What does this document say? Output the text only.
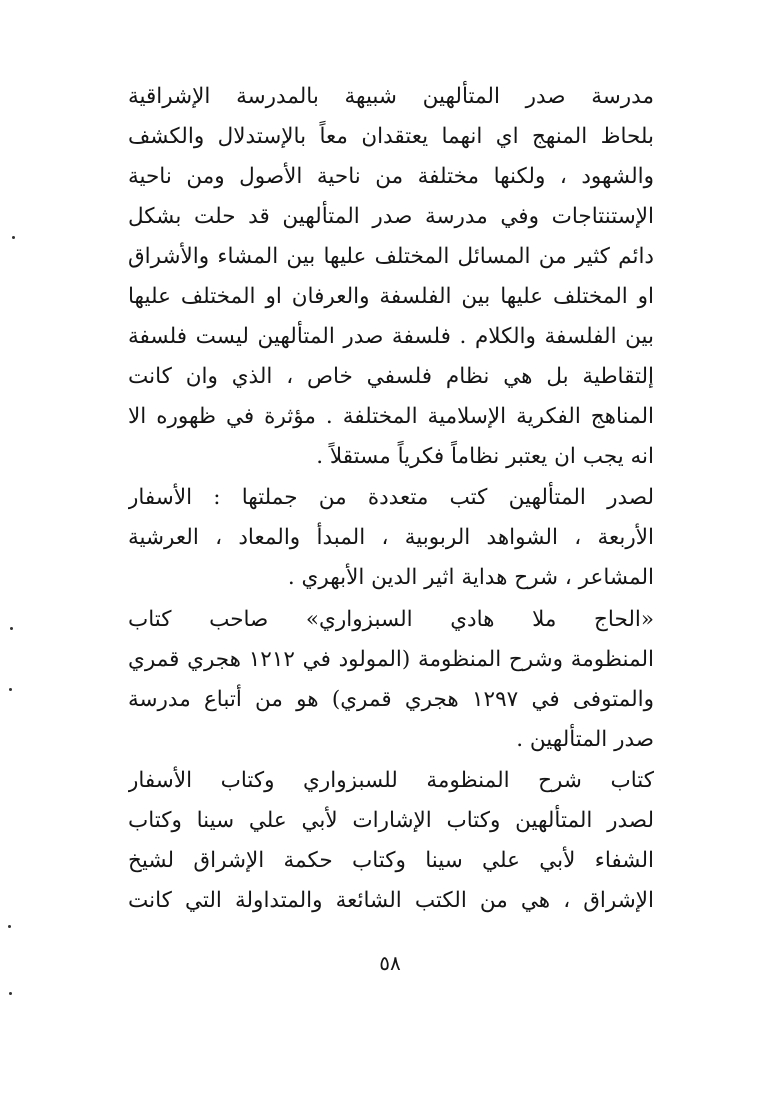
مدرسة صدر المتألهين شبيهة بالمدرسة الإشراقية
بلحاظ المنهج اي انهما يعتقدان معاً بالإستدلال والكشف
والشهود ، ولكنها مختلفة من ناحية الأصول ومن ناحية
الإستنتاجات وفي مدرسة صدر المتألهين قد حلت بشكل
دائم كثير من المسائل المختلف عليها بين المشاء والأشراق
او المختلف عليها بين الفلسفة والعرفان او المختلف عليها
بين الفلسفة والكلام . فلسفة صدر المتألهين ليست فلسفة
إلتقاطية بل هي نظام فلسفي خاص ، الذي وان كانت
المناهج الفكرية الإسلامية المختلفة . مؤثرة في ظهوره الا
انه يجب ان يعتبر نظاماً فكرياً مستقلاً .
لصدر المتألهين كتب متعددة من جملتها : الأسفار
الأربعة ، الشواهد الربوبية ، المبدأ والمعاد ، العرشية
المشاعر ، شرح هداية اثير الدين الأبهري .
«الحاج ملا هادي السبزواري» صاحب كتاب
المنظومة وشرح المنظومة (المولود في ١٢١٢ هجري قمري
والمتوفى في ١٢٩٧ هجري قمري) هو من أتباع مدرسة
صدر المتألهين .
كتاب شرح المنظومة للسبزواري وكتاب الأسفار
لصدر المتألهين وكتاب الإشارات لأبي علي سينا وكتاب
الشفاء لأبي علي سينا وكتاب حكمة الإشراق لشيخ
الإشراق ، هي من الكتب الشائعة والمتداولة التي كانت
٥٨
